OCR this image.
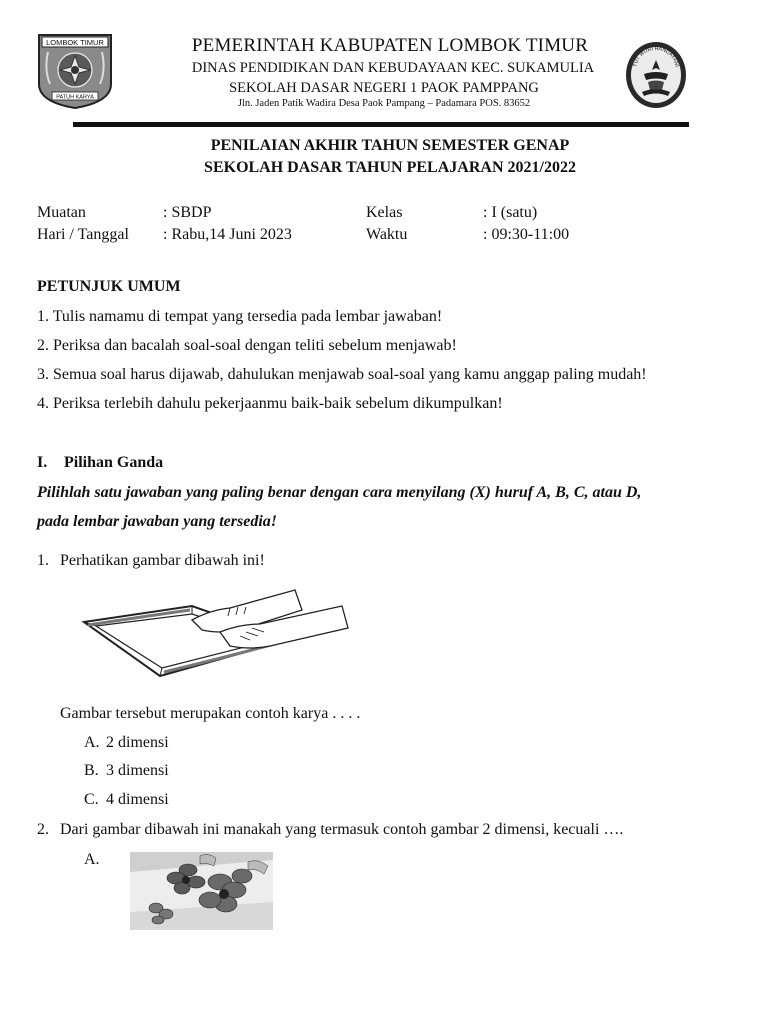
LOMBOK TIMUR
PATUH KARYA
TUT WURI HANDAYANI
PEMERINTAH KABUPATEN LOMBOK TIMUR
DINAS PENDIDIKAN DAN KEBUDAYAAN KEC. SUKAMULIA
SEKOLAH DASAR NEGERI 1 PAOK PAMPPANG
Jln. Jaden Patik Wadira Desa Paok Pampang – Padamara POS. 83652
PENILAIAN AKHIR TAHUN SEMESTER GENAP
SEKOLAH DASAR TAHUN PELAJARAN 2021/2022
Muatan	: SBDP	Kelas	: I (satu)
Hari / Tanggal : Rabu,14 Juni 2023	Waktu	: 09:30-11:00
PETUNJUK UMUM
1. Tulis namamu di tempat yang tersedia pada lembar jawaban!
2. Periksa dan bacalah soal-soal dengan teliti sebelum menjawab!
3. Semua soal harus dijawab, dahulukan menjawab soal-soal yang kamu anggap paling mudah!
4. Periksa terlebih dahulu pekerjaanmu baik-baik sebelum dikumpulkan!
I. Pilihan Ganda
Pilihlah satu jawaban yang paling benar dengan cara menyilang (X) huruf A, B, C, atau D,
pada lembar jawaban yang tersedia!
1. Perhatikan gambar dibawah ini!
Gambar tersebut merupakan contoh karya . . . .
A. 2 dimensi
B. 3 dimensi
C. 4 dimensi
2. Dari gambar dibawah ini manakah yang termasuk contoh gambar 2 dimensi, kecuali ….
A.
